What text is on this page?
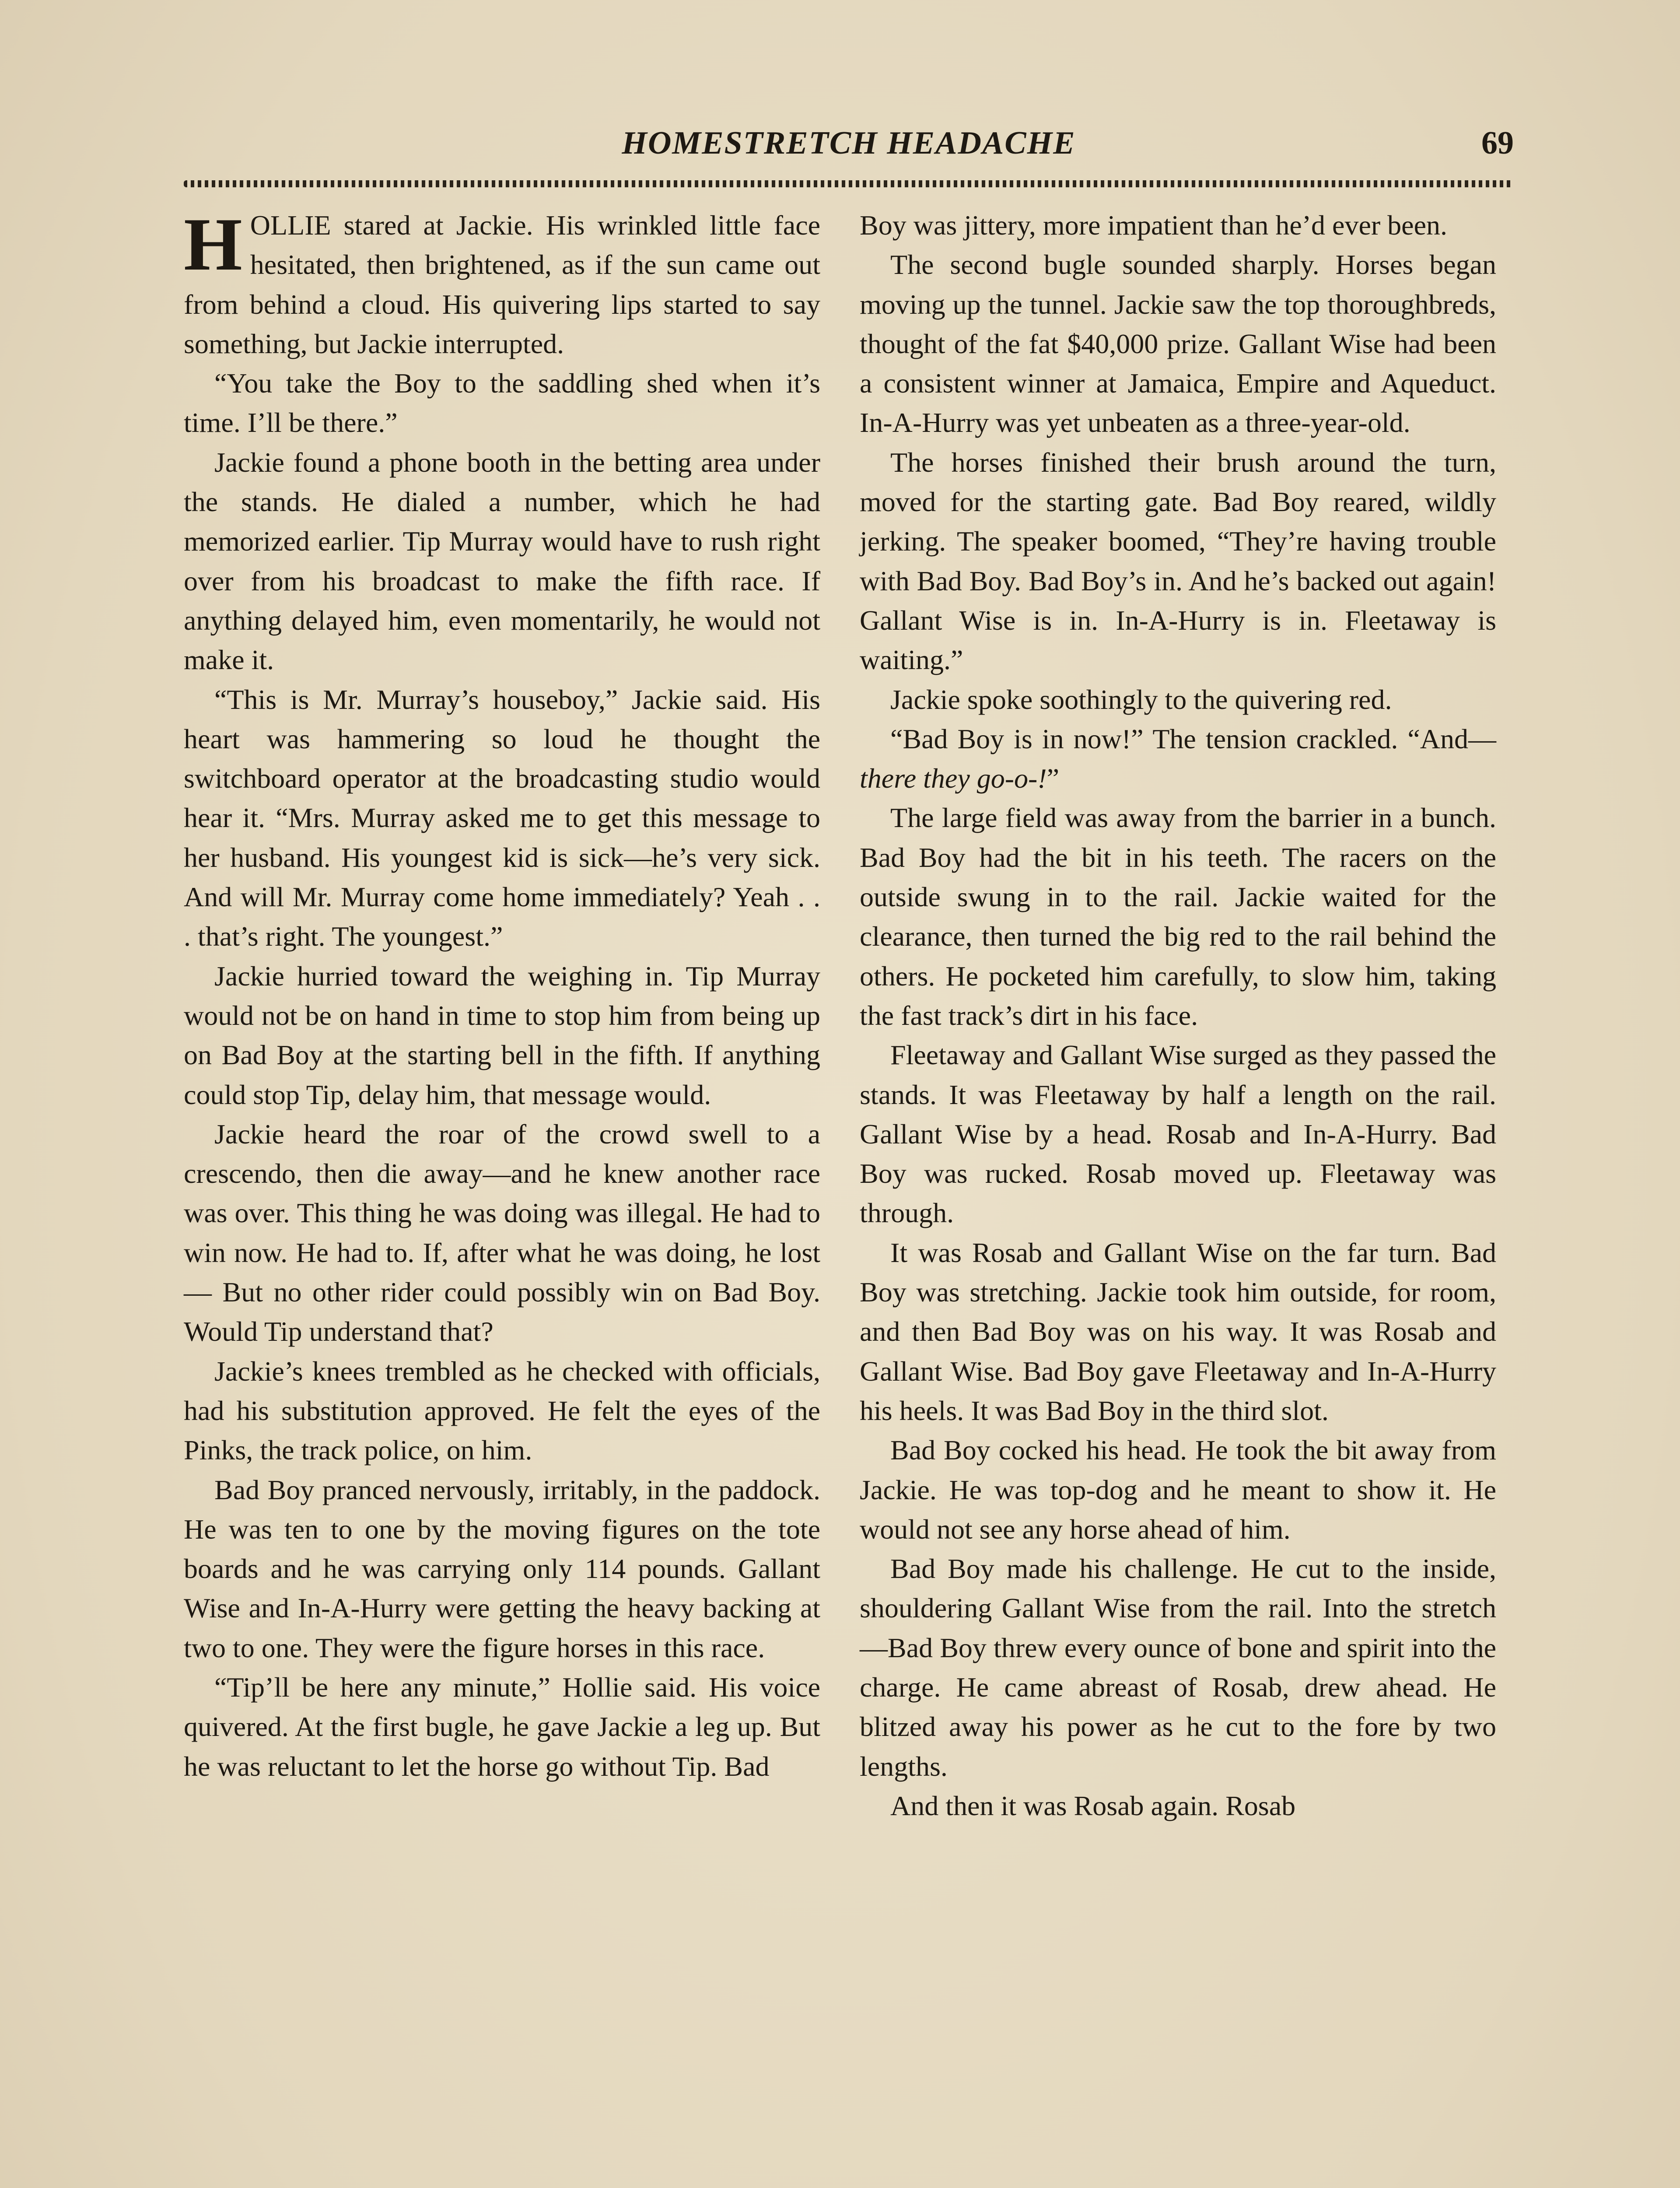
HOMESTRETCH HEADACHE	69

HOLLIE stared at Jackie. His wrinkled little face hesitated, then brightened, as if the sun came out from behind a cloud. His quivering lips started to say something, but Jackie interrupted.

“You take the Boy to the saddling shed when it’s time. I’ll be there.”

Jackie found a phone booth in the betting area under the stands. He dialed a number, which he had memorized earlier. Tip Murray would have to rush right over from his broadcast to make the fifth race. If anything delayed him, even momentarily, he would not make it.

“This is Mr. Murray’s houseboy,” Jackie said. His heart was hammering so loud he thought the switchboard operator at the broadcasting studio would hear it. “Mrs. Murray asked me to get this message to her husband. His youngest kid is sick—he’s very sick. And will Mr. Murray come home immediately? Yeah . . . that’s right. The youngest.”

Jackie hurried toward the weighing in. Tip Murray would not be on hand in time to stop him from being up on Bad Boy at the starting bell in the fifth. If anything could stop Tip, delay him, that message would.

Jackie heard the roar of the crowd swell to a crescendo, then die away—and he knew another race was over. This thing he was doing was illegal. He had to win now. He had to. If, after what he was doing, he lost— But no other rider could possibly win on Bad Boy. Would Tip understand that?

Jackie’s knees trembled as he checked with officials, had his substitution approved. He felt the eyes of the Pinks, the track police, on him.

Bad Boy pranced nervously, irritably, in the paddock. He was ten to one by the moving figures on the tote boards and he was carrying only 114 pounds. Gallant Wise and In-A-Hurry were getting the heavy backing at two to one. They were the figure horses in this race.

“Tip’ll be here any minute,” Hollie said. His voice quivered. At the first bugle, he gave Jackie a leg up. But he was reluctant to let the horse go without Tip. Bad

Boy was jittery, more impatient than he’d ever been.

The second bugle sounded sharply. Horses began moving up the tunnel. Jackie saw the top thoroughbreds, thought of the fat $40,000 prize. Gallant Wise had been a consistent winner at Jamaica, Empire and Aqueduct. In-A-Hurry was yet unbeaten as a three-year-old.

The horses finished their brush around the turn, moved for the starting gate. Bad Boy reared, wildly jerking. The speaker boomed, “They’re having trouble with Bad Boy. Bad Boy’s in. And he’s backed out again! Gallant Wise is in. In-A-Hurry is in. Fleetaway is waiting.”

Jackie spoke soothingly to the quivering red.

“Bad Boy is in now!” The tension crackled. “And—there they go-o-!”

The large field was away from the barrier in a bunch. Bad Boy had the bit in his teeth. The racers on the outside swung in to the rail. Jackie waited for the clearance, then turned the big red to the rail behind the others. He pocketed him carefully, to slow him, taking the fast track’s dirt in his face.

Fleetaway and Gallant Wise surged as they passed the stands. It was Fleetaway by half a length on the rail. Gallant Wise by a head. Rosab and In-A-Hurry. Bad Boy was rucked. Rosab moved up. Fleetaway was through.

It was Rosab and Gallant Wise on the far turn. Bad Boy was stretching. Jackie took him outside, for room, and then Bad Boy was on his way. It was Rosab and Gallant Wise. Bad Boy gave Fleetaway and In-A-Hurry his heels. It was Bad Boy in the third slot.

Bad Boy cocked his head. He took the bit away from Jackie. He was top-dog and he meant to show it. He would not see any horse ahead of him.

Bad Boy made his challenge. He cut to the inside, shouldering Gallant Wise from the rail. Into the stretch—Bad Boy threw every ounce of bone and spirit into the charge. He came abreast of Rosab, drew ahead. He blitzed away his power as he cut to the fore by two lengths.

And then it was Rosab again. Rosab
